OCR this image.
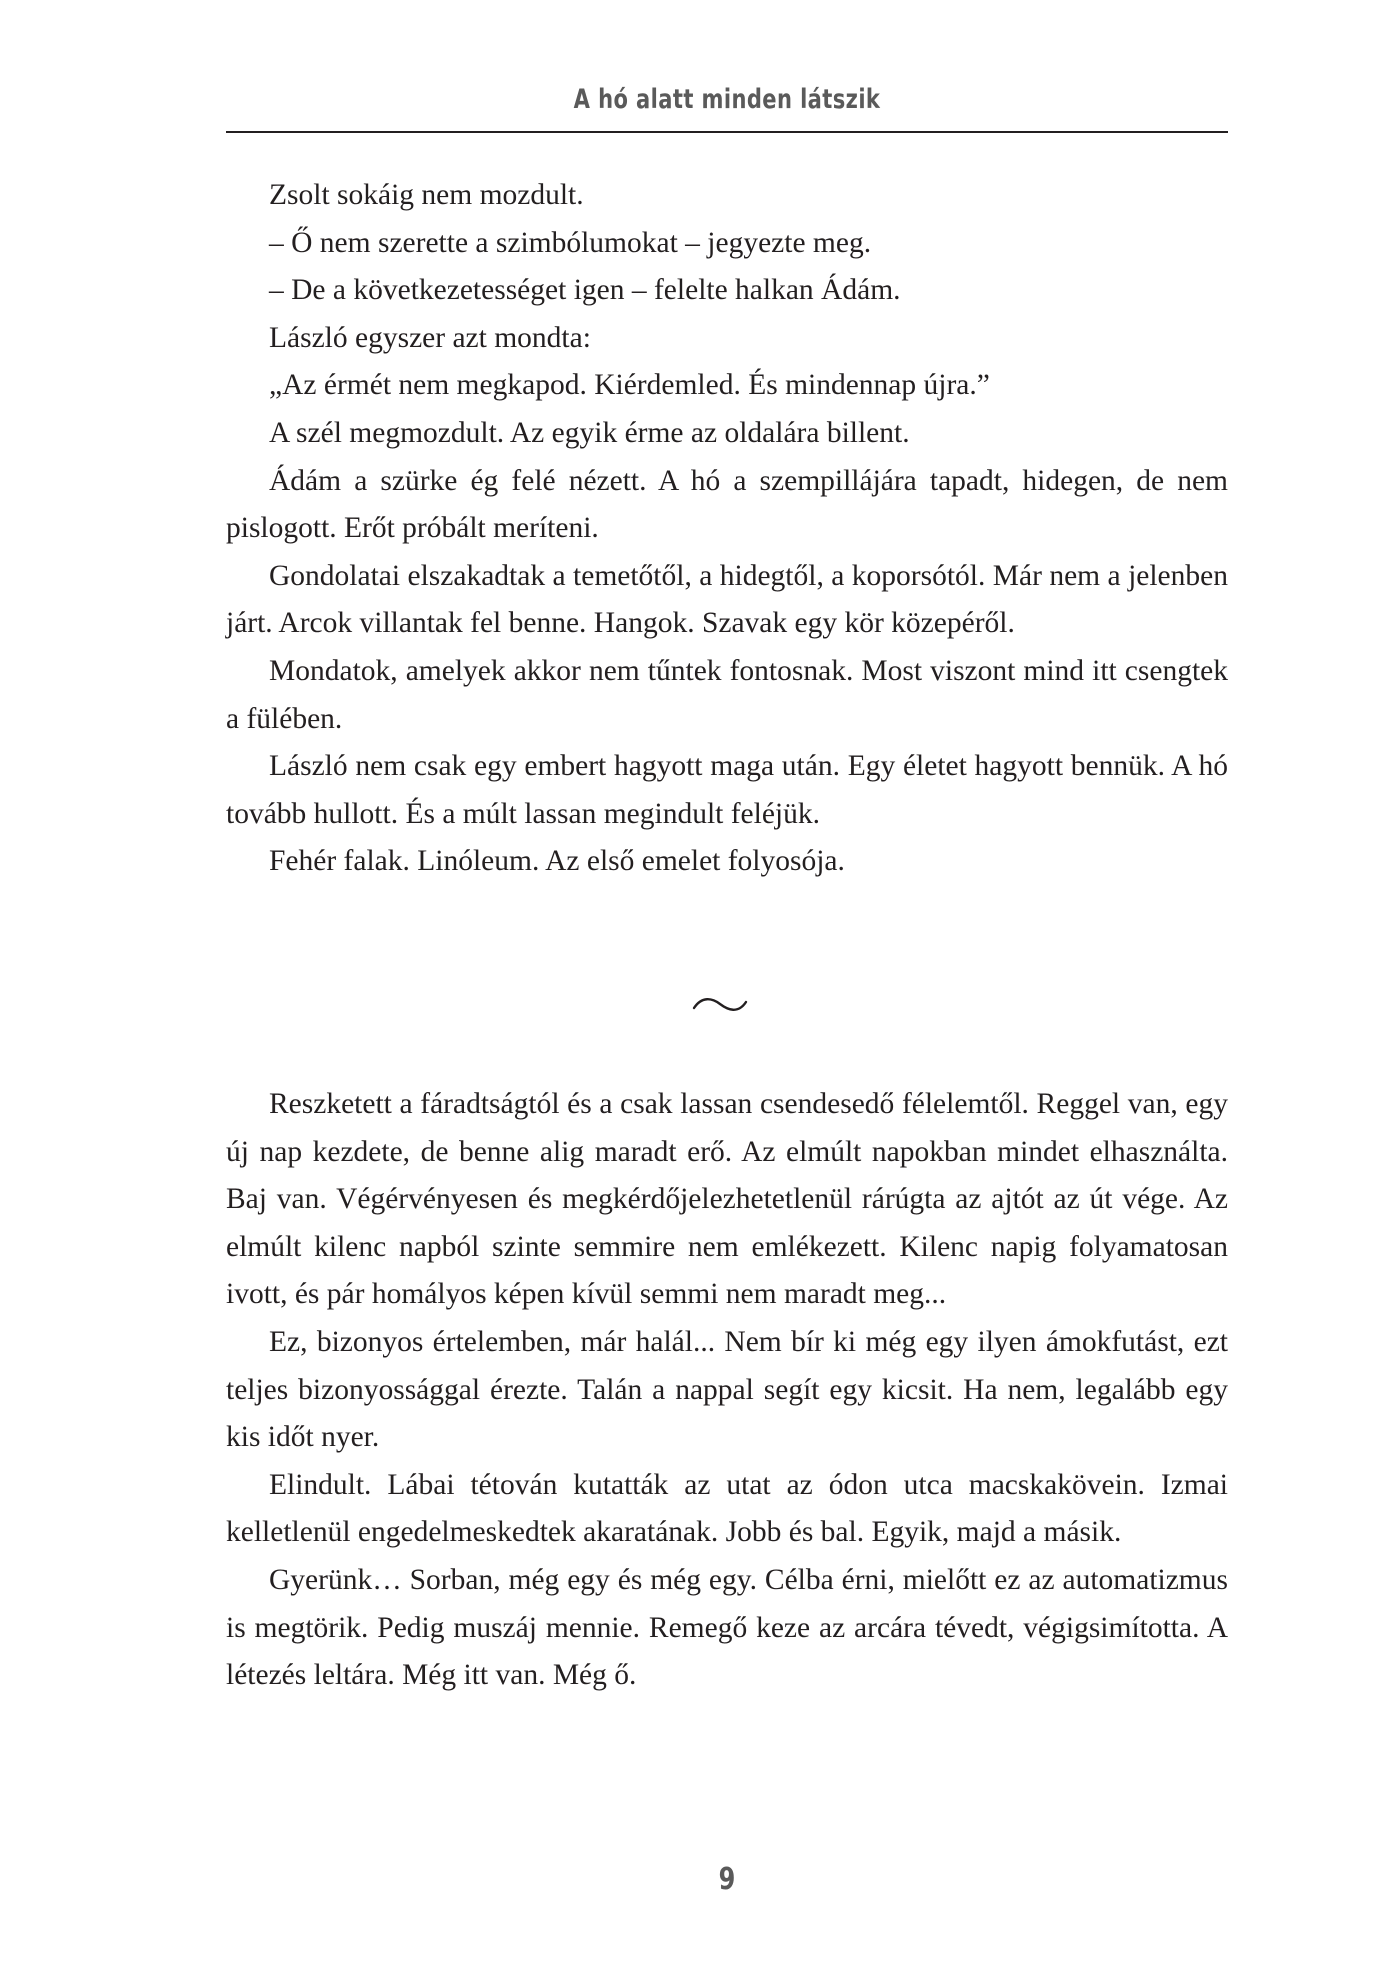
A hó alatt minden látszik

Zsolt sokáig nem mozdult.

– Ő nem szerette a szimbólumokat – jegyezte meg.

– De a következetességet igen – felelte halkan Ádám.

László egyszer azt mondta:

„Az érmét nem megkapod. Kiérdemled. És mindennap újra.”

A szél megmozdult. Az egyik érme az oldalára billent.

Ádám a szürke ég felé nézett. A hó a szempillájára tapadt, hidegen, de nem pislogott. Erőt próbált meríteni.

Gondolatai elszakadtak a temetőtől, a hidegtől, a koporsótól. Már nem a jelenben járt. Arcok villantak fel benne. Hangok. Szavak egy kör közepéről.

Mondatok, amelyek akkor nem tűntek fontosnak. Most viszont mind itt csengtek a fülében.

László nem csak egy embert hagyott maga után. Egy életet hagyott bennük. A hó tovább hullott. És a múlt lassan megindult feléjük.

Fehér falak. Linóleum. Az első emelet folyosója.

Reszketett a fáradtságtól és a csak lassan csendesedő félelemtől. Reggel van, egy új nap kezdete, de benne alig maradt erő. Az elmúlt napokban mindet elhasználta. Baj van. Végérvényesen és megkérdőjelezhetetlenül rárúgta az ajtót az út vége. Az elmúlt kilenc napból szinte semmire nem emlékezett. Kilenc napig folyamatosan ivott, és pár homályos képen kívül semmi nem maradt meg...

Ez, bizonyos értelemben, már halál... Nem bír ki még egy ilyen ámokfutást, ezt teljes bizonyossággal érezte. Talán a nappal segít egy kicsit. Ha nem, legalább egy kis időt nyer.

Elindult. Lábai tétován kutatták az utat az ódon utca macskakövein. Izmai kelletlenül engedelmeskedtek akaratának. Jobb és bal. Egyik, majd a másik.

Gyerünk… Sorban, még egy és még egy. Célba érni, mielőtt ez az automatizmus is megtörik. Pedig muszáj mennie. Remegő keze az arcára tévedt, végigsimította. A létezés leltára. Még itt van. Még ő.

9
